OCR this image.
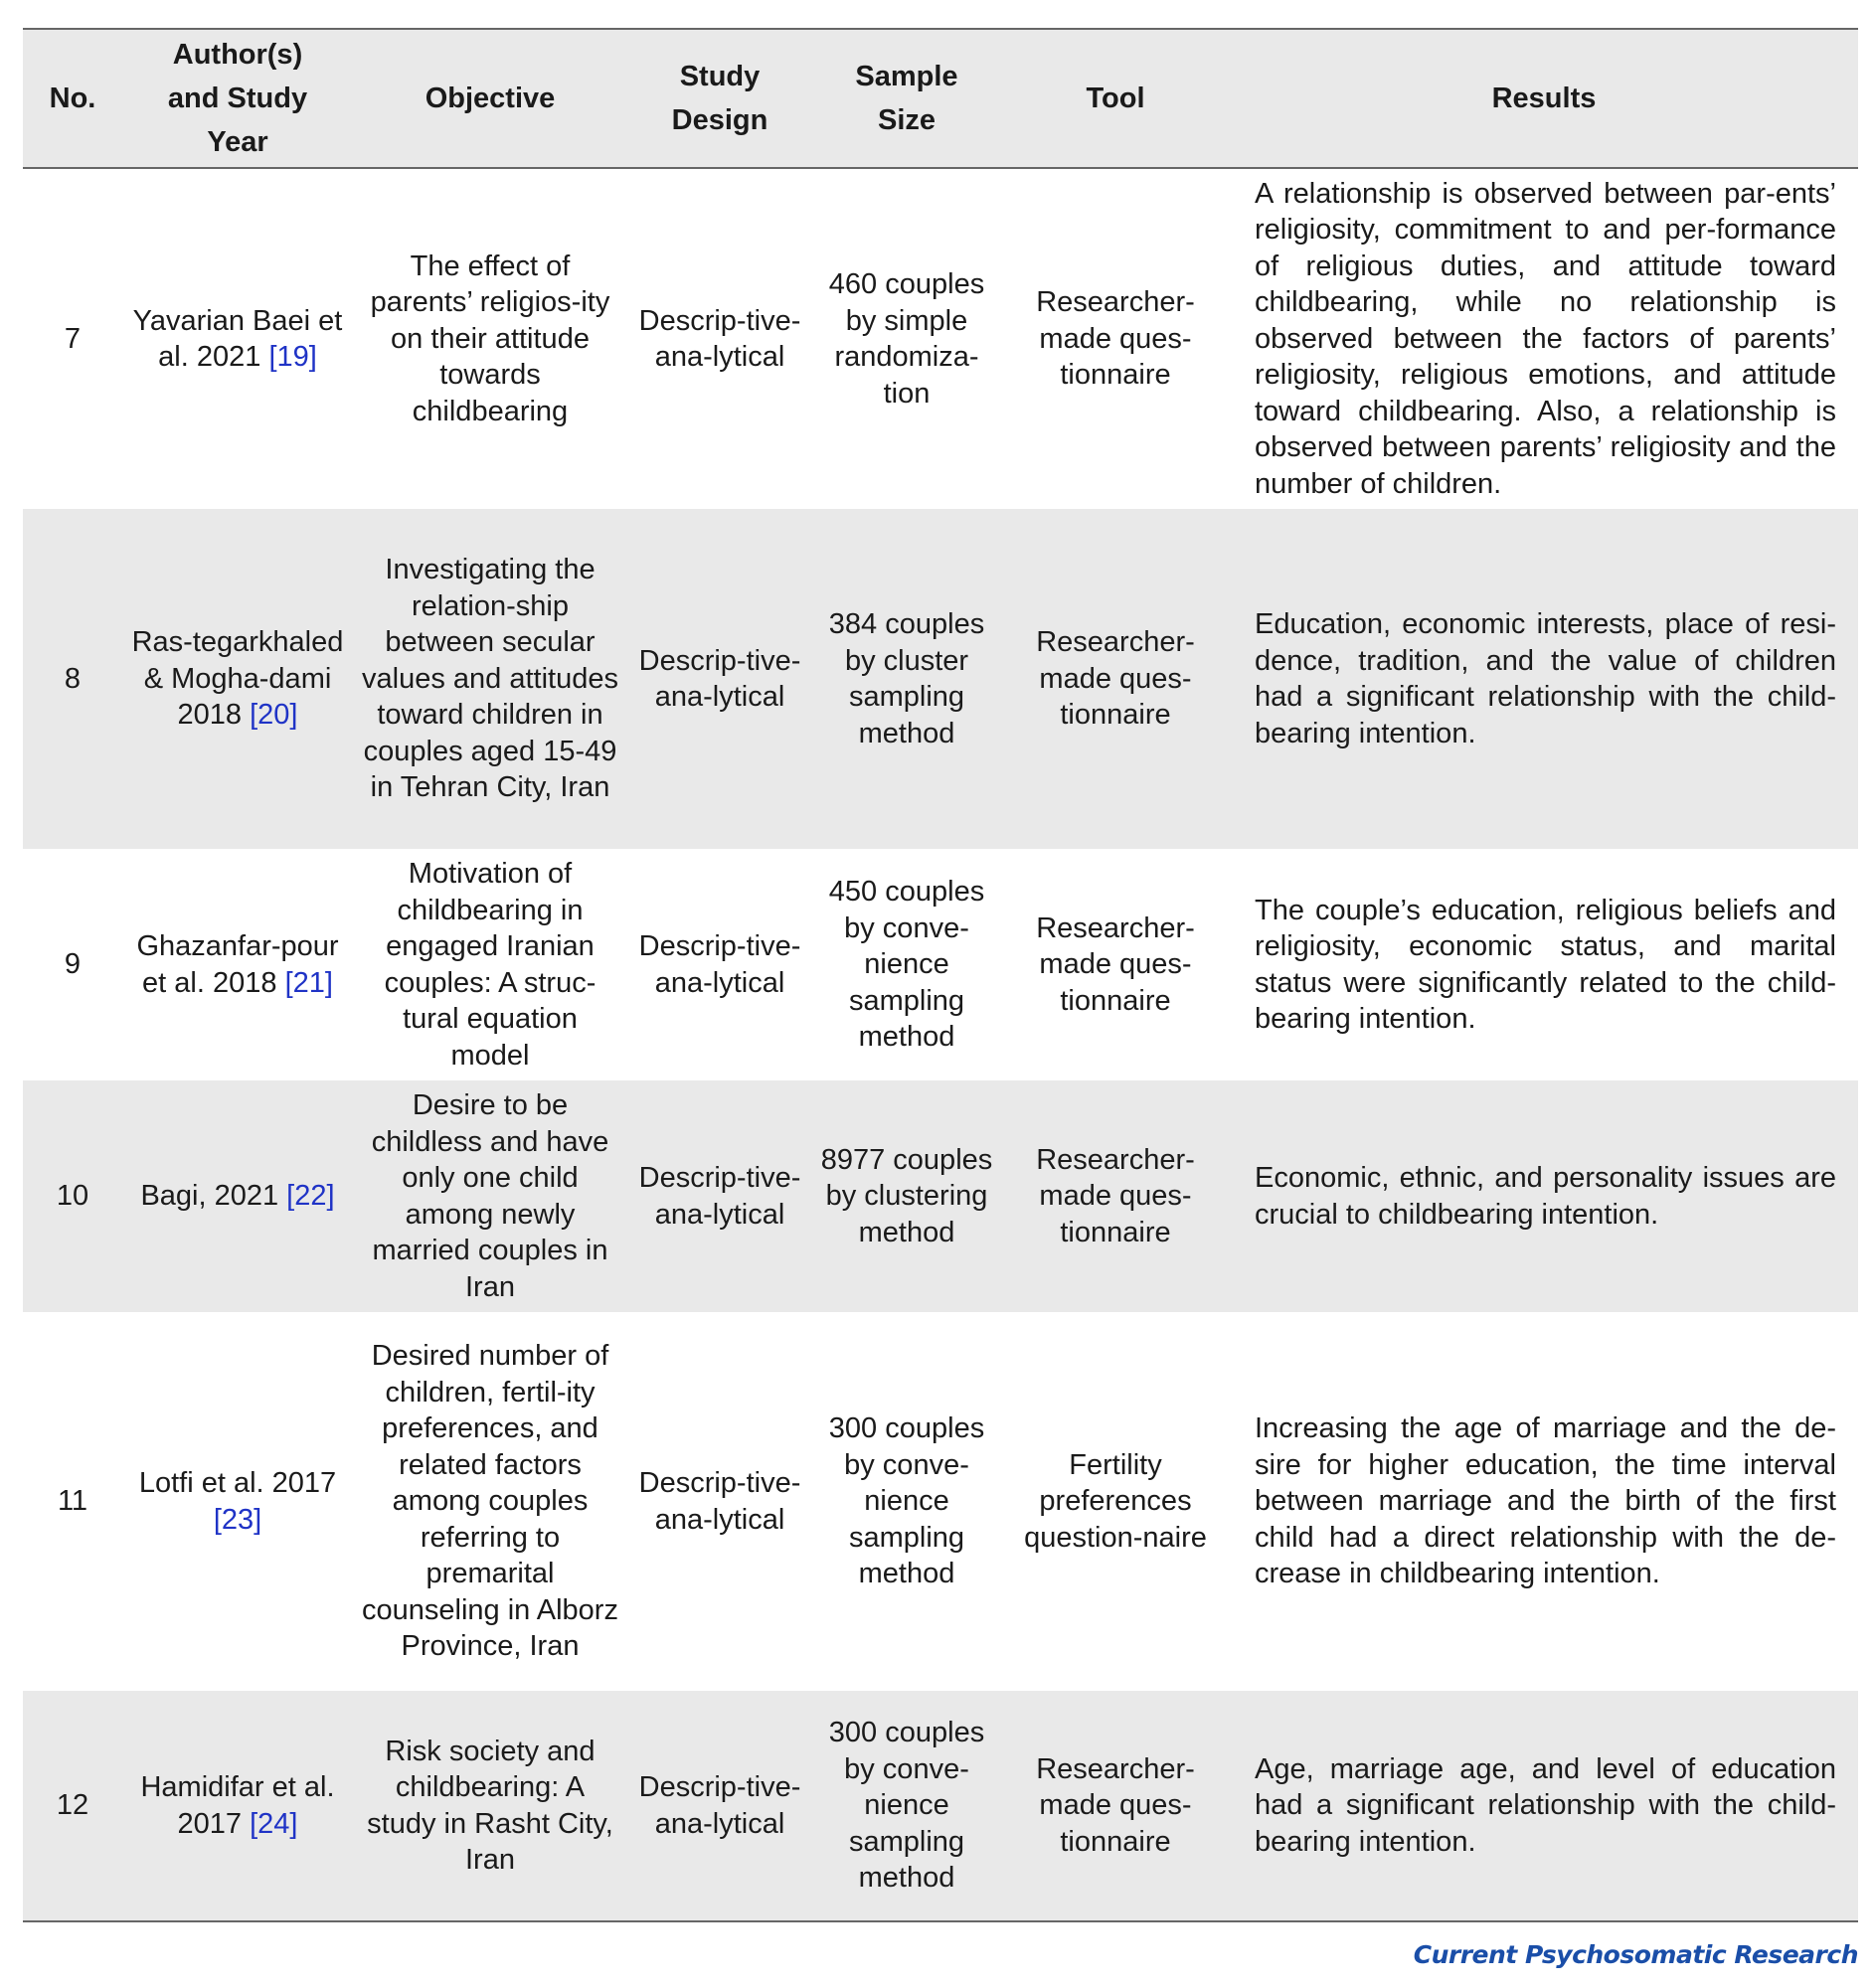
No.
Author(s) and Study Year
Objective
Study Design
Sample Size
Tool	Results
7
Yavarian Baei et al. 2021 [19]
The effect of parents’ religios-ity on their attitude towards childbearing
Descrip-tive-ana-lytical
460 couples by simple randomiza-tion
Researcher-made ques-tionnaire
A relationship is observed between par-ents’ religiosity, commitment to and per-formance of religious duties, and attitude toward childbearing, while no relationship is observed between the factors of parents’ religiosity, religious emotions, and attitude toward childbearing. Also, a relationship is observed between parents’ religiosity and the number of children.
8
Ras-tegarkhaled & Mogha-dami 2018 [20]
Investigating the relation-ship between secular values and attitudes toward children in couples aged 15-49 in Tehran City, Iran
Descrip-tive-ana-lytical
384 couples by cluster sampling method
Researcher-made ques-tionnaire
Education, economic interests, place of resi-dence, tradition, and the value of children had a significant relationship with the child-bearing intention.
9
Ghazanfar-pour et al. 2018 [21]
Motivation of childbearing in engaged Iranian couples: A struc-tural equation model
Descrip-tive-ana-lytical
450 couples by conve-nience sampling method
Researcher-made ques-tionnaire
The couple’s education, religious beliefs and religiosity, economic status, and marital status were significantly related to the child-bearing intention.
10	Bagi, 2021 [22]
Desire to be childless and have only one child among newly married couples in Iran
Descrip-tive-ana-lytical
8977 couples by clustering method
Researcher-made ques-tionnaire
Economic, ethnic, and personality issues are crucial to childbearing intention.
11
Lotfi et al. 2017 [23]
Desired number of children, fertil-ity preferences, and related factors among couples referring to premarital counseling in Alborz Province, Iran
Descrip-tive-ana-lytical
300 couples by conve-nience sampling method
Fertility preferences question-naire
Increasing the age of marriage and the de-sire for higher education, the time interval between marriage and the birth of the first child had a direct relationship with the de-crease in childbearing intention.
12
Hamidifar et al. 2017 [24]
Risk society and childbearing: A study in Rasht City, Iran
Descrip-tive-ana-lytical
300 couples by conve-nience sampling method
Researcher-made ques-tionnaire
Age, marriage age, and level of education had a significant relationship with the child-bearing intention.
Current Psychosomatic Research
